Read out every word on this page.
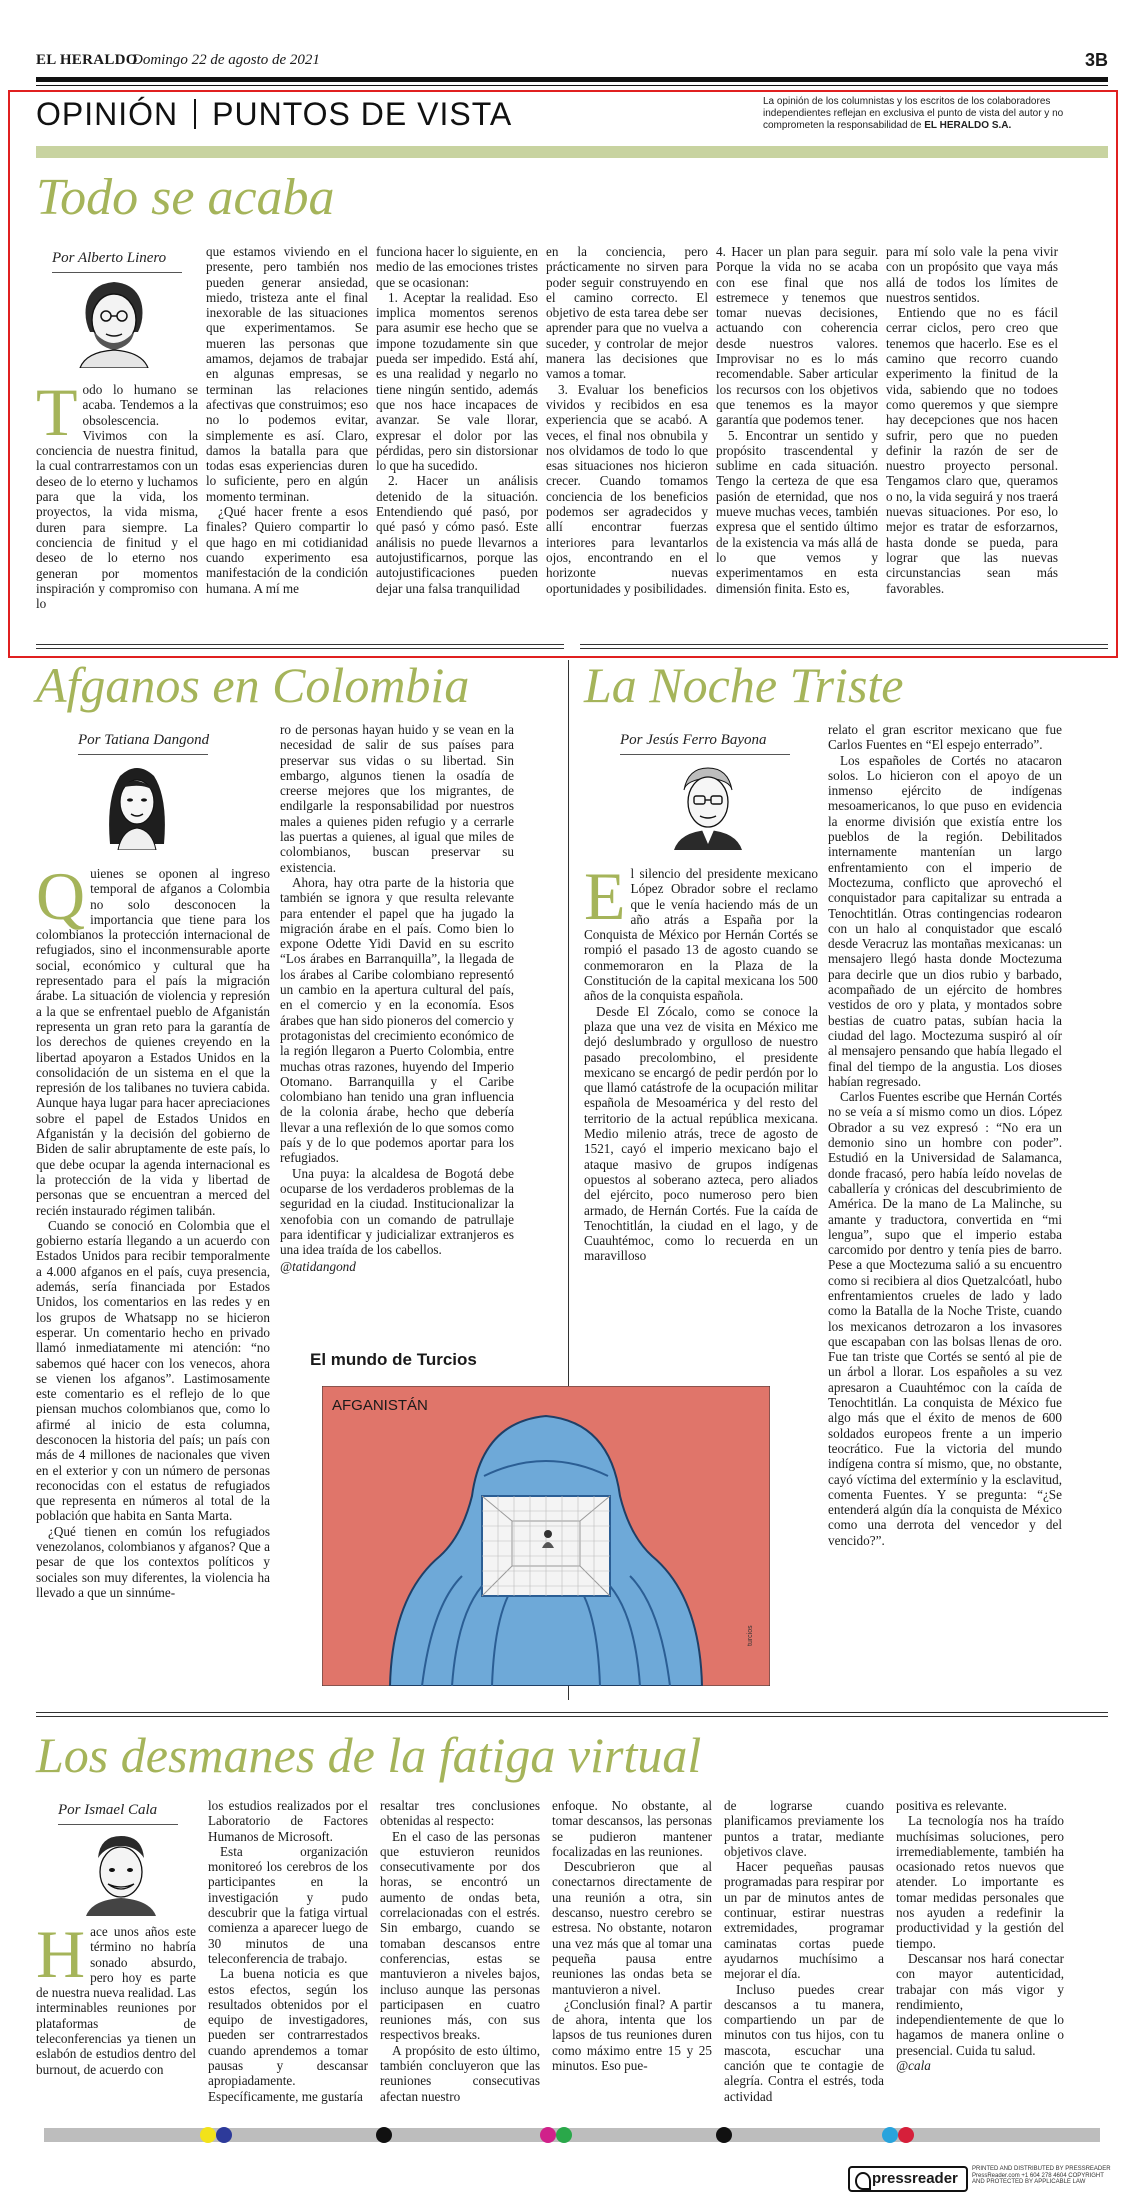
EL HERALDO
Domingo 22 de agosto de 2021	3B
OPINIÓN PUNTOS DE VISTA	La opinión de los columnistas y los escritos de los colaboradores independientes reflejan en exclusiva el punto de vista del autor y no comprometen la responsabilidad de EL HERALDO S.A.
Todo se acaba
Por Alberto Linero
T odo lo humano se acaba. Tendemos a la obsolescencia. Vivimos con la conciencia de nuestra finitud, la cual contrarrestamos con un deseo de lo eterno y luchamos para que la vida, los proyectos, la vida misma, duren para siempre. La conciencia de finitud y el deseo de lo eterno nos generan por momentos inspiración y compromiso con lo

que estamos viviendo en el presente, pero también nos pueden generar ansiedad, miedo, tristeza ante el final inexorable de las situaciones que experimentamos. Se mueren las personas que amamos, dejamos de trabajar en algunas empresas, se terminan las relaciones afectivas que construimos; eso no lo podemos evitar, simplemente es así. Claro, damos la batalla para que todas esas experiencias duren lo suficiente, pero en algún momento terminan.

¿Qué hacer frente a esos finales? Quiero compartir lo que hago en mi cotidianidad cuando experimento esa manifestación de la condición humana. A mí me

funciona hacer lo siguiente, en medio de las emociones tristes que se ocasionan:

1. Aceptar la realidad. Eso implica momentos serenos para asumir ese hecho que se impone tozudamente sin que pueda ser impedido. Está ahí, es una realidad y negarlo no tiene ningún sentido, además que nos hace incapaces de avanzar. Se vale llorar, expresar el dolor por las pérdidas, pero sin distorsionar lo que ha sucedido.

2. Hacer un análisis detenido de la situación. Entendiendo qué pasó, por qué pasó y cómo pasó. Este análisis no puede llevarnos a autojustificarnos, porque las autojustificaciones pueden dejar una falsa tranquilidad

en la conciencia, pero prácticamente no sirven para poder seguir construyendo en el camino correcto. El objetivo de esta tarea debe ser aprender para que no vuelva a suceder, y controlar de mejor manera las decisiones que vamos a tomar.

3. Evaluar los beneficios vividos y recibidos en esa experiencia que se acabó. A veces, el final nos obnubila y nos olvidamos de todo lo que esas situaciones nos hicieron crecer. Cuando tomamos conciencia de los beneficios podemos ser agradecidos y allí encontrar fuerzas interiores para levantarlos ojos, encontrando en el horizonte nuevas oportunidades y posibilidades.

4. Hacer un plan para seguir. Porque la vida no se acaba con ese final que nos estremece y tenemos que tomar nuevas decisiones, actuando con coherencia desde nuestros valores. Improvisar no es lo más recomendable. Saber articular los recursos con los objetivos que tenemos es la mayor garantía que podemos tener.

5. Encontrar un sentido y propósito trascendental y sublime en cada situación. Tengo la certeza de que esa pasión de eternidad, que nos mueve muchas veces, también expresa que el sentido último de la existencia va más allá de lo que vemos y experimentamos en esta dimensión finita. Esto es,

para mí solo vale la pena vivir con un propósito que vaya más allá de todos los límites de nuestros sentidos.

Entiendo que no es fácil cerrar ciclos, pero creo que tenemos que hacerlo. Ese es el camino que recorro cuando experimento la finitud de la vida, sabiendo que no todoes como queremos y que siempre hay decepciones que nos hacen sufrir, pero que no pueden definir la razón de ser de nuestro proyecto personal. Tengamos claro que, queramos o no, la vida seguirá y nos traerá nuevas situaciones. Por eso, lo mejor es tratar de esforzarnos, hasta donde se pueda, para lograr que las nuevas circunstancias sean más favorables.

Afganos en Colombia
Por Tatiana Dangond
Q uienes se oponen al ingreso temporal de afganos a Colombia no solo desconocen la importancia que tiene para los colombianos la protección internacional de refugiados, sino el inconmensurable aporte social, económico y cultural que ha representado para el país la migración árabe. La situación de violencia y represión a la que se enfrentael pueblo de Afganistán representa un gran reto para la garantía de los derechos de quienes creyendo en la libertad apoyaron a Estados Unidos en la consolidación de un sistema en el que la represión de los talibanes no tuviera cabida. Aunque haya lugar para hacer apreciaciones sobre el papel de Estados Unidos en Afganistán y la decisión del gobierno de Biden de salir abruptamente de este país, lo que debe ocupar la agenda internacional es la protección de la vida y libertad de personas que se encuentran a merced del recién instaurado régimen talibán.

Cuando se conoció en Colombia que el gobierno estaría llegando a un acuerdo con Estados Unidos para recibir temporalmente a 4.000 afganos en el país, cuya presencia, además, sería financiada por Estados Unidos, los comentarios en las redes y en los grupos de Whatsapp no se hicieron esperar. Un comentario hecho en privado llamó inmediatamente mi atención: “no sabemos qué hacer con los venecos, ahora se vienen los afganos”. Lastimosamente este comentario es el reflejo de lo que piensan muchos colombianos que, como lo afirmé al inicio de esta columna, desconocen la historia del país; un país con más de 4 millones de nacionales que viven en el exterior y con un número de personas reconocidas con el estatus de refugiados que representa en números al total de la población que habita en Santa Marta.

¿Qué tienen en común los refugiados venezolanos, colombianos y afganos? Que a pesar de que los contextos políticos y sociales son muy diferentes, la violencia ha llevado a que un sinnúme-

ro de personas hayan huido y se vean en la necesidad de salir de sus países para preservar sus vidas o su libertad. Sin embargo, algunos tienen la osadía de creerse mejores que los migrantes, de endilgarle la responsabilidad por nuestros males a quienes piden refugio y a cerrarle las puertas a quienes, al igual que miles de colombianos, buscan preservar su existencia.

Ahora, hay otra parte de la historia que también se ignora y que resulta relevante para entender el papel que ha jugado la migración árabe en el país. Como bien lo expone Odette Yidi David en su escrito “Los árabes en Barranquilla”, la llegada de los árabes al Caribe colombiano representó un cambio en la apertura cultural del país, en el comercio y en la economía. Esos árabes que han sido pioneros del comercio y protagonistas del crecimiento económico de la región llegaron a Puerto Colombia, entre muchas otras razones, huyendo del Imperio Otomano. Barranquilla y el Caribe colombiano han tenido una gran influencia de la colonia árabe, hecho que debería llevar a una reflexión de lo que somos como país y de lo que podemos aportar para los refugiados.

Una puya: la alcaldesa de Bogotá debe ocuparse de los verdaderos problemas de la seguridad en la ciudad. Institucionalizar la xenofobia con un comando de patrullaje para identificar y judicializar extranjeros es una idea traída de los cabellos.

@tatidangond

La Noche Triste
Por Jesús Ferro Bayona
E l silencio del presidente mexicano López Obrador sobre el reclamo que le venía haciendo más de un año atrás a España por la Conquista de México por Hernán Cortés se rompió el pasado 13 de agosto cuando se conmemoraron en la Plaza de la Constitución de la capital mexicana los 500 años de la conquista española.

Desde El Zócalo, como se conoce la plaza que una vez de visita en México me dejó deslumbrado y orgulloso de nuestro pasado precolombino, el presidente mexicano se encargó de pedir perdón por lo que llamó catástrofe de la ocupación militar española de Mesoamérica y del resto del territorio de la actual república mexicana. Medio milenio atrás, trece de agosto de 1521, cayó el imperio mexicano bajo el ataque masivo de grupos indígenas opuestos al soberano azteca, pero aliados del ejército, poco numeroso pero bien armado, de Hernán Cortés. Fue la caída de Tenochtitlán, la ciudad en el lago, y de Cuauhtémoc, como lo recuerda en un maravilloso

relato el gran escritor mexicano que fue Carlos Fuentes en “El espejo enterrado”.

Los españoles de Cortés no atacaron solos. Lo hicieron con el apoyo de un inmenso ejército de indígenas mesoamericanos, lo que puso en evidencia la enorme división que existía entre los pueblos de la región. Debilitados internamente mantenían un largo enfrentamiento con el imperio de Moctezuma, conflicto que aprovechó el conquistador para capitalizar su entrada a Tenochtitlán. Otras contingencias rodearon con un halo al conquistador que escaló desde Veracruz las montañas mexicanas: un mensajero llegó hasta donde Moctezuma para decirle que un dios rubio y barbado, acompañado de un ejército de hombres vestidos de oro y plata, y montados sobre bestias de cuatro patas, subían hacia la ciudad del lago. Moctezuma suspiró al oír al mensajero pensando que había llegado el final del tiempo de la angustia. Los dioses habían regresado.

Carlos Fuentes escribe que Hernán Cortés no se veía a sí mismo como un dios. López Obrador a su vez expresó : “No era un demonio sino un hombre con poder”. Estudió en la Universidad de Salamanca, donde fracasó, pero había leído novelas de caballería y crónicas del descubrimiento de América. De la mano de La Malinche, su amante y traductora, convertida en “mi lengua”, supo que el imperio estaba carcomido por dentro y tenía pies de barro. Pese a que Moctezuma salió a su encuentro como si recibiera al dios Quetzalcóatl, hubo enfrentamientos crueles de lado y lado como la Batalla de la Noche Triste, cuando los mexicanos detrozaron a los invasores que escapaban con las bolsas llenas de oro. Fue tan triste que Cortés se sentó al pie de un árbol a llorar. Los españoles a su vez apresaron a Cuauhtémoc con la caída de Tenochtitlán. La conquista de México fue algo más que el éxito de menos de 600 soldados europeos frente a un imperio teocrático. Fue la victoria del mundo indígena contra sí mismo, que, no obstante, cayó víctima del extermínio y la esclavitud, comenta Fuentes. Y se pregunta: “¿Se entenderá algún día la conquista de México como una derrota del vencedor y del vencido?”.

El mundo de Turcios
AFGANISTÁN
turcios
Los desmanes de la fatiga virtual
Por Ismael Cala
H ace unos años este término no habría sonado absurdo, pero hoy es parte de nuestra nueva realidad. Las interminables reuniones por plataformas de teleconferencias ya tienen un eslabón de estudios dentro del burnout, de acuerdo con

los estudios realizados por el Laboratorio de Factores Humanos de Microsoft.

Esta organización monitoreó los cerebros de los participantes en la investigación y pudo descubrir que la fatiga virtual comienza a aparecer luego de 30 minutos de una teleconferencia de trabajo.

La buena noticia es que estos efectos, según los resultados obtenidos por el equipo de investigadores, pueden ser contrarrestados cuando aprendemos a tomar pausas y descansar apropiadamente. Específicamente, me gustaría

resaltar tres conclusiones obtenidas al respecto:

En el caso de las personas que estuvieron reunidos consecutivamente por dos horas, se encontró un aumento de ondas beta, correlacionadas con el estrés. Sin embargo, cuando se tomaban descansos entre conferencias, estas se mantuvieron a niveles bajos, incluso aunque las personas participasen en cuatro reuniones más, con sus respectivos breaks.

A propósito de esto último, también concluyeron que las reuniones consecutivas afectan nuestro

enfoque. No obstante, al tomar descansos, las personas se pudieron mantener focalizadas en las reuniones.

Descubrieron que al conectarnos directamente de una reunión a otra, sin descanso, nuestro cerebro se estresa. No obstante, notaron una vez más que al tomar una pequeña pausa entre reuniones las ondas beta se mantuvieron a nivel.

¿Conclusión final? A partir de ahora, intenta que los lapsos de tus reuniones duren como máximo entre 15 y 25 minutos. Eso pue-

de lograrse cuando planificamos previamente los puntos a tratar, mediante objetivos clave.

Hacer pequeñas pausas programadas para respirar por un par de minutos antes de continuar, estirar nuestras extremidades, programar caminatas cortas puede ayudarnos muchísimo a mejorar el día.

Incluso puedes crear descansos a tu manera, compartiendo un par de minutos con tus hijos, con tu mascota, escuchar una canción que te contagie de alegría. Contra el estrés, toda actividad

positiva es relevante.

La tecnología nos ha traído muchísimas soluciones, pero irremediablemente, también ha ocasionado retos nuevos que atender. Lo importante es tomar medidas personales que nos ayuden a redefinir la productividad y la gestión del tiempo.

Descansar nos hará conectar con mayor autenticidad, trabajar con más vigor y rendimiento, independientemente de que lo hagamos de manera online o presencial. Cuida tu salud.

@cala

pressreader
PRINTED AND DISTRIBUTED BY PRESSREADER PressReader.com +1 604 278 4604 COPYRIGHT AND PROTECTED BY APPLICABLE LAW
